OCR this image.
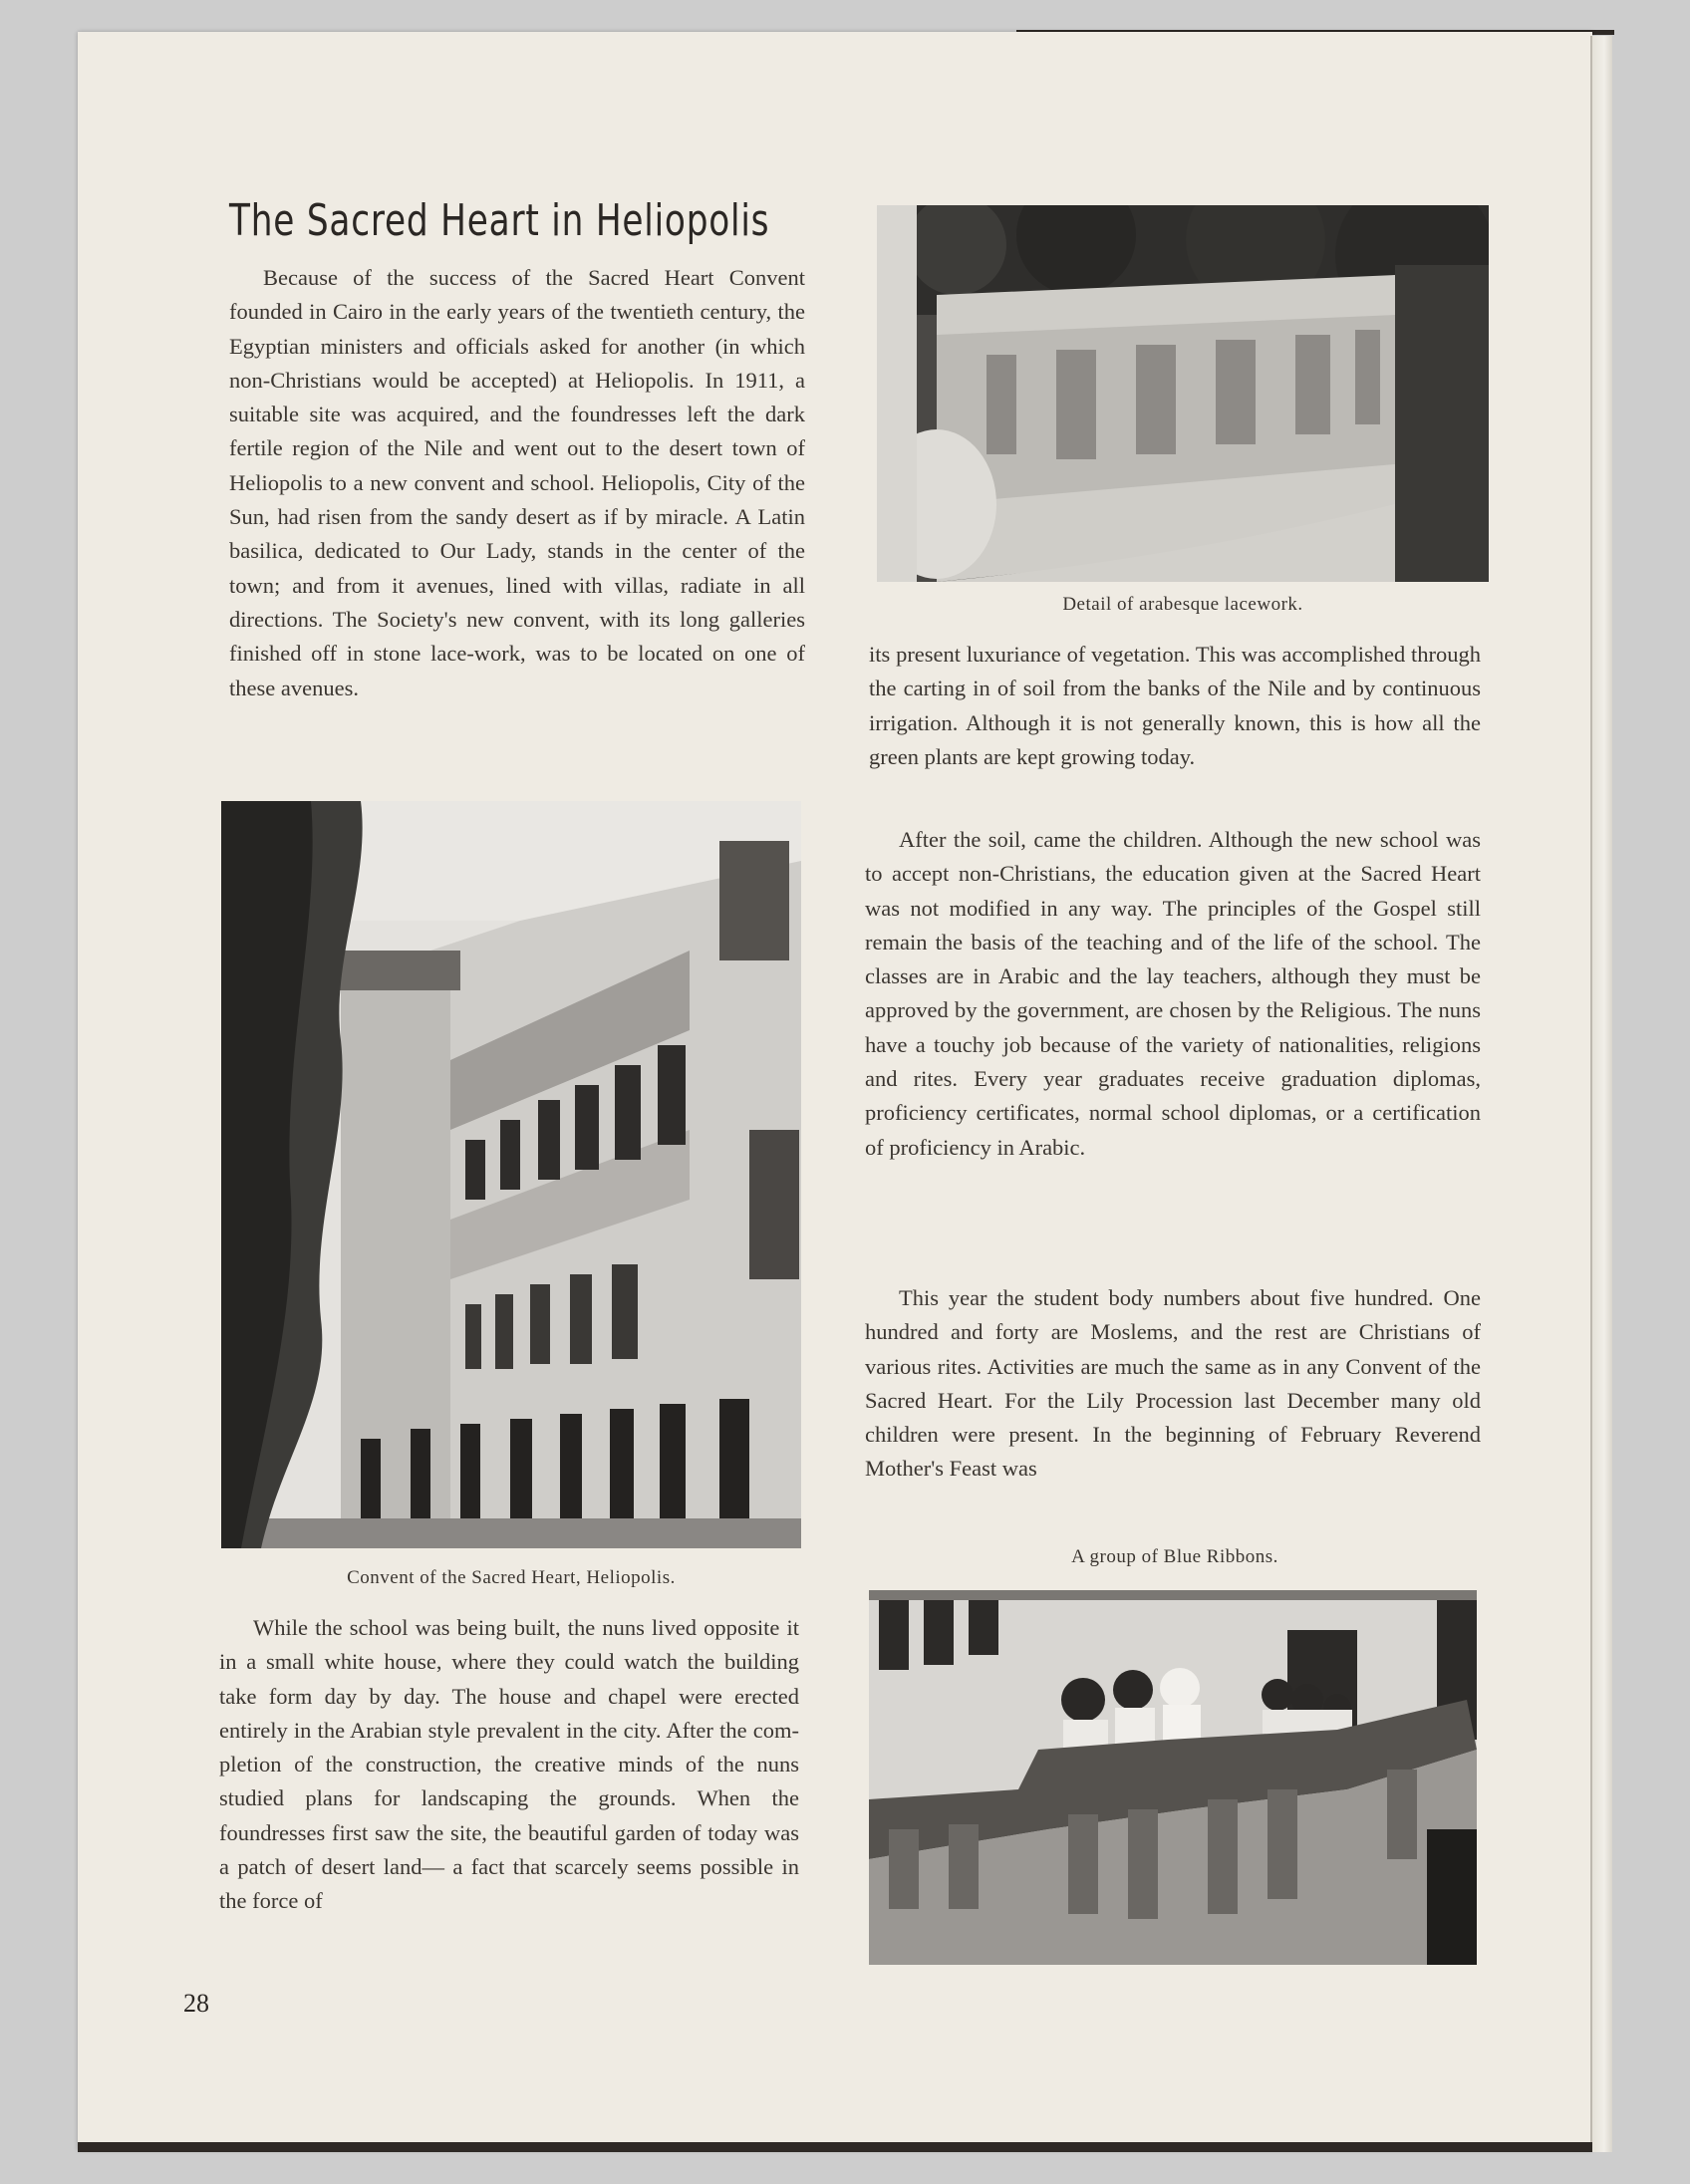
The Sacred Heart in Heliopolis

Because of the success of the Sacred Heart Convent founded in Cairo in the early years of the twentieth century, the Egyptian ministers and officials asked for another (in which non-Christians would be accepted) at Heliopolis. In 1911, a suitable site was acquired, and the foundresses left the dark fertile region of the Nile and went out to the desert town of Heliopolis to a new convent and school. Heliopolis, City of the Sun, had risen from the sandy desert as if by miracle. A Latin basilica, dedicated to Our Lady, stands in the center of the town; and from it avenues, lined with villas, radiate in all directions. The Society's new convent, with its long galleries finished off in stone lace-work, was to be located on one of these avenues.

Convent of the Sacred Heart, Heliopolis.

While the school was being built, the nuns lived opposite it in a small white house, where they could watch the building take form day by day. The house and chapel were erected entirely in the Arabian style prevalent in the city. After the completion of the construction, the creative minds of the nuns studied plans for landscaping the grounds. When the foundresses first saw the site, the beautiful garden of today was a patch of desert land— a fact that scarcely seems possible in the force of

Detail of arabesque lacework.

its present luxuriance of vegetation. This was accomplished through the carting in of soil from the banks of the Nile and by continuous irrigation. Although it is not generally known, this is how all the green plants are kept growing today.

After the soil, came the children. Although the new school was to accept non-Christians, the education given at the Sacred Heart was not modified in any way. The principles of the Gospel still remain the basis of the teaching and of the life of the school. The classes are in Arabic and the lay teachers, although they must be approved by the government, are chosen by the Religious. The nuns have a touchy job because of the variety of nationalities, religions and rites. Every year graduates receive graduation diplomas, proficiency certificates, normal school diplomas, or a certification of proficiency in Arabic.

This year the student body numbers about five hundred. One hundred and forty are Moslems, and the rest are Christians of various rites. Activities are much the same as in any Convent of the Sacred Heart. For the Lily Procession last December many old children were present. In the beginning of February Reverend Mother's Feast was

A group of Blue Ribbons.

28
